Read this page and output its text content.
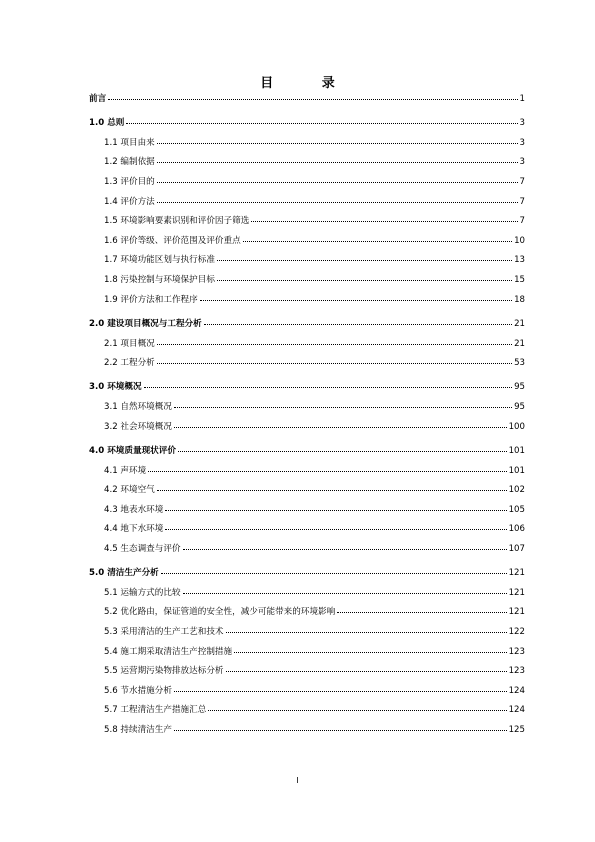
目 录
前言	1
1.0 总则	3
1.1 项目由来	3
1.2 编制依据	3
1.3 评价目的	7
1.4 评价方法	7
1.5 环境影响要素识别和评价因子筛选	7
1.6 评价等级、评价范围及评价重点	10
1.7 环境功能区划与执行标准	13
1.8 污染控制与环境保护目标	15
1.9 评价方法和工作程序	18
2.0 建设项目概况与工程分析	21
2.1 项目概况	21
2.2 工程分析	53
3.0 环境概况	95
3.1 自然环境概况	95
3.2 社会环境概况	100
4.0 环境质量现状评价	101
4.1 声环境	101
4.2 环境空气	102
4.3 地表水环境	105
4.4 地下水环境	106
4.5 生态调查与评价	107
5.0 清洁生产分析	121
5.1 运输方式的比较	121
5.2 优化路由，保证管道的安全性，减少可能带来的环境影响	121
5.3 采用清洁的生产工艺和技术	122
5.4 施工期采取清洁生产控制措施	123
5.5 运营期污染物排放达标分析	123
5.6 节水措施分析	124
5.7 工程清洁生产措施汇总	124
5.8 持续清洁生产	125
I
